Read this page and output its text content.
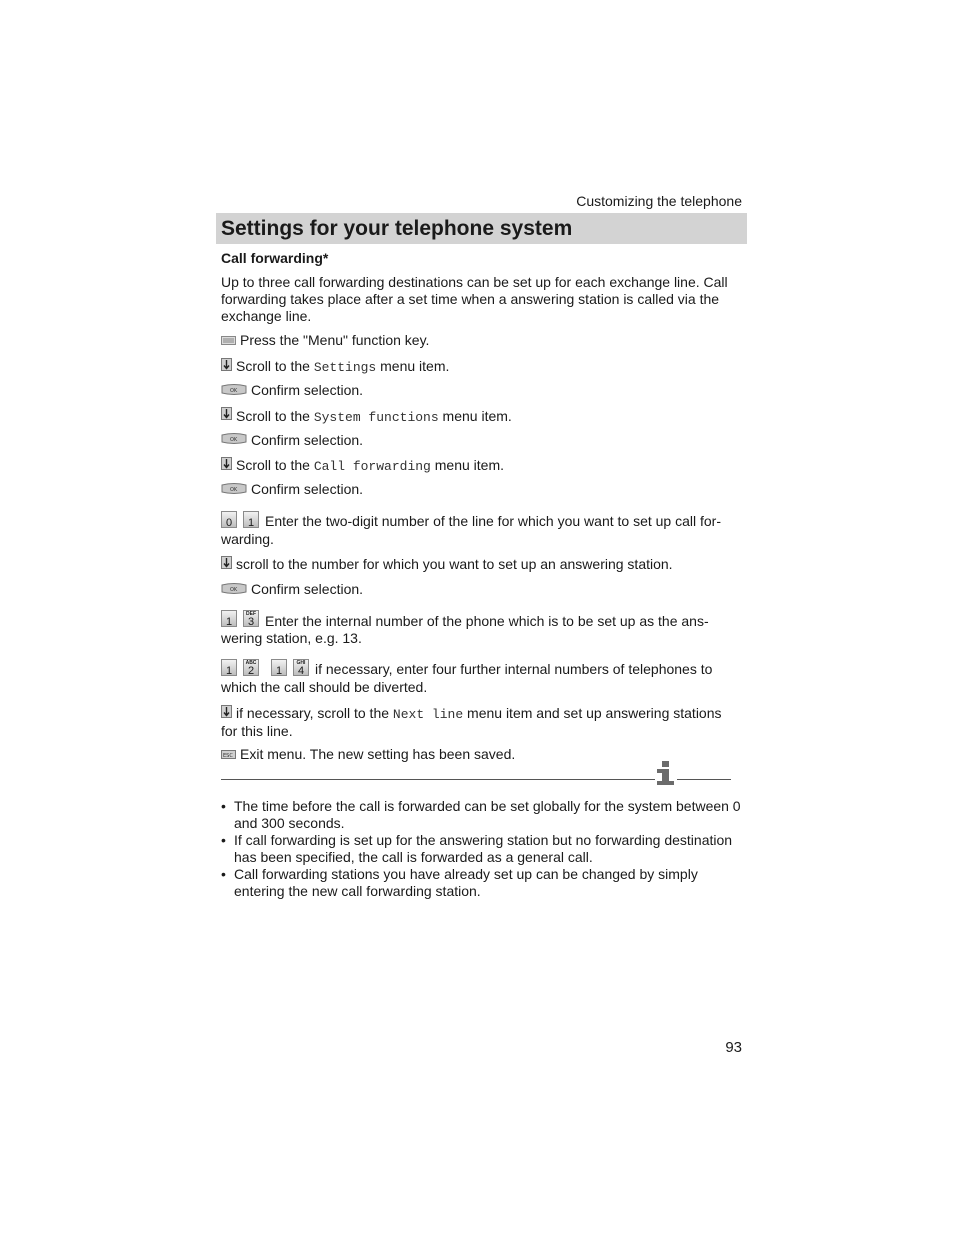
Customizing the telephone
Settings for your telephone system

Call forwarding*

Up to three call forwarding destinations can be set up for each exchange line. Call forwarding takes place after a set time when a answering station is called via the exchange line.

Press the "Menu" function key.

Scroll to the Settings menu item.

OK Confirm selection.

Scroll to the System functions menu item.

OK Confirm selection.

Scroll to the Call forwarding menu item.

OK Confirm selection.

0 1 Enter the two-digit number of the line for which you want to set up call for-warding.

scroll to the number for which you want to set up an answering station.

OK Confirm selection.

1
DEF
3 Enter the internal number of the phone which is to be set up as the ans-wering station, e.g. 13.

1
ABC
2 1
GHI
4 if necessary, enter four further internal numbers of telephones to which the call should be diverted.

if necessary, scroll to the Next line menu item and set up answering stations for this line.

ESC Exit menu. The new setting has been saved.

• The time before the call is forwarded can be set globally for the system between 0 and 300 seconds.
• If call forwarding is set up for the answering station but no forwarding destination has been specified, the call is forwarded as a general call.
• Call forwarding stations you have already set up can be changed by simply entering the new call forwarding station.
93
